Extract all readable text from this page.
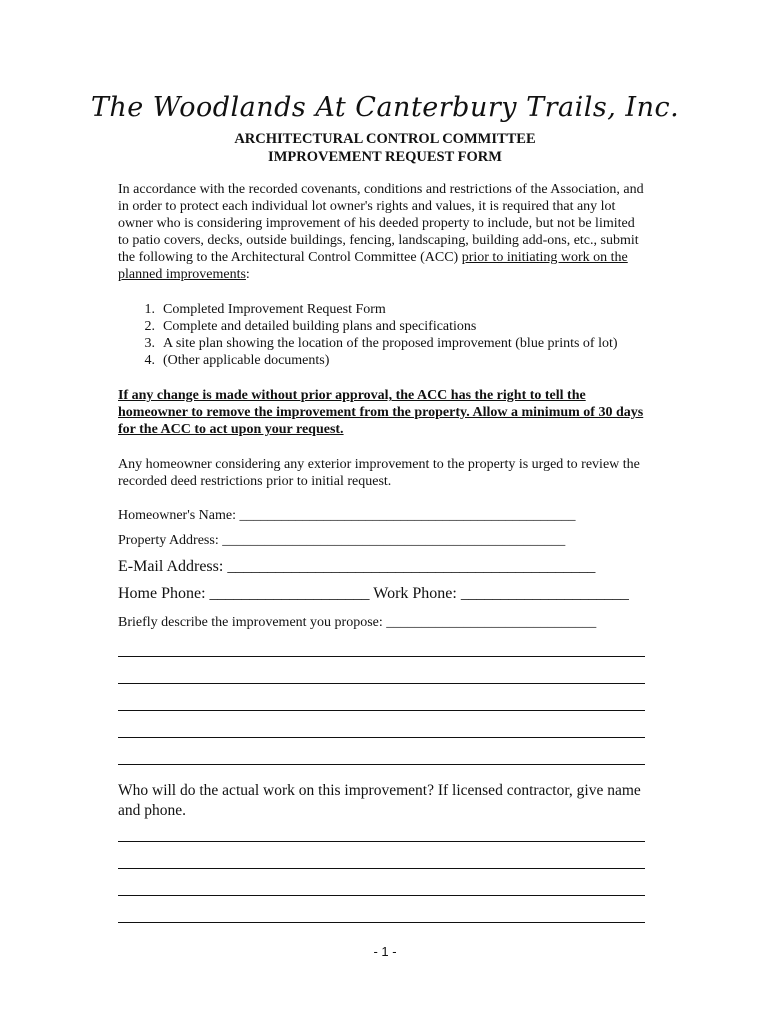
The Woodlands At Canterbury Trails, Inc.
ARCHITECTURAL CONTROL COMMITTEE
IMPROVEMENT REQUEST FORM
In accordance with the recorded covenants, conditions and restrictions of the Association, and in order to protect each individual lot owner's rights and values, it is required that any lot owner who is considering improvement of his deeded property to include, but not be limited to patio covers, decks, outside buildings, fencing, landscaping, building add-ons, etc., submit the following to the Architectural Control Committee (ACC) prior to initiating work on the planned improvements:
1. Completed Improvement Request Form
2. Complete and detailed building plans and specifications
3. A site plan showing the location of the proposed improvement (blue prints of lot)
4. (Other applicable documents)
If any change is made without prior approval, the ACC has the right to tell the homeowner to remove the improvement from the property. Allow a minimum of 30 days for the ACC to act upon your request.
Any homeowner considering any exterior improvement to the property is urged to review the recorded deed restrictions prior to initial request.
Homeowner's Name: ________________________________________________
Property Address: _________________________________________________
E-Mail Address: ______________________________________________
Home Phone: ____________________ Work Phone: _____________________
Briefly describe the improvement you propose: ______________________________
Who will do the actual work on this improvement? If licensed contractor, give name and phone.
- 1 -
